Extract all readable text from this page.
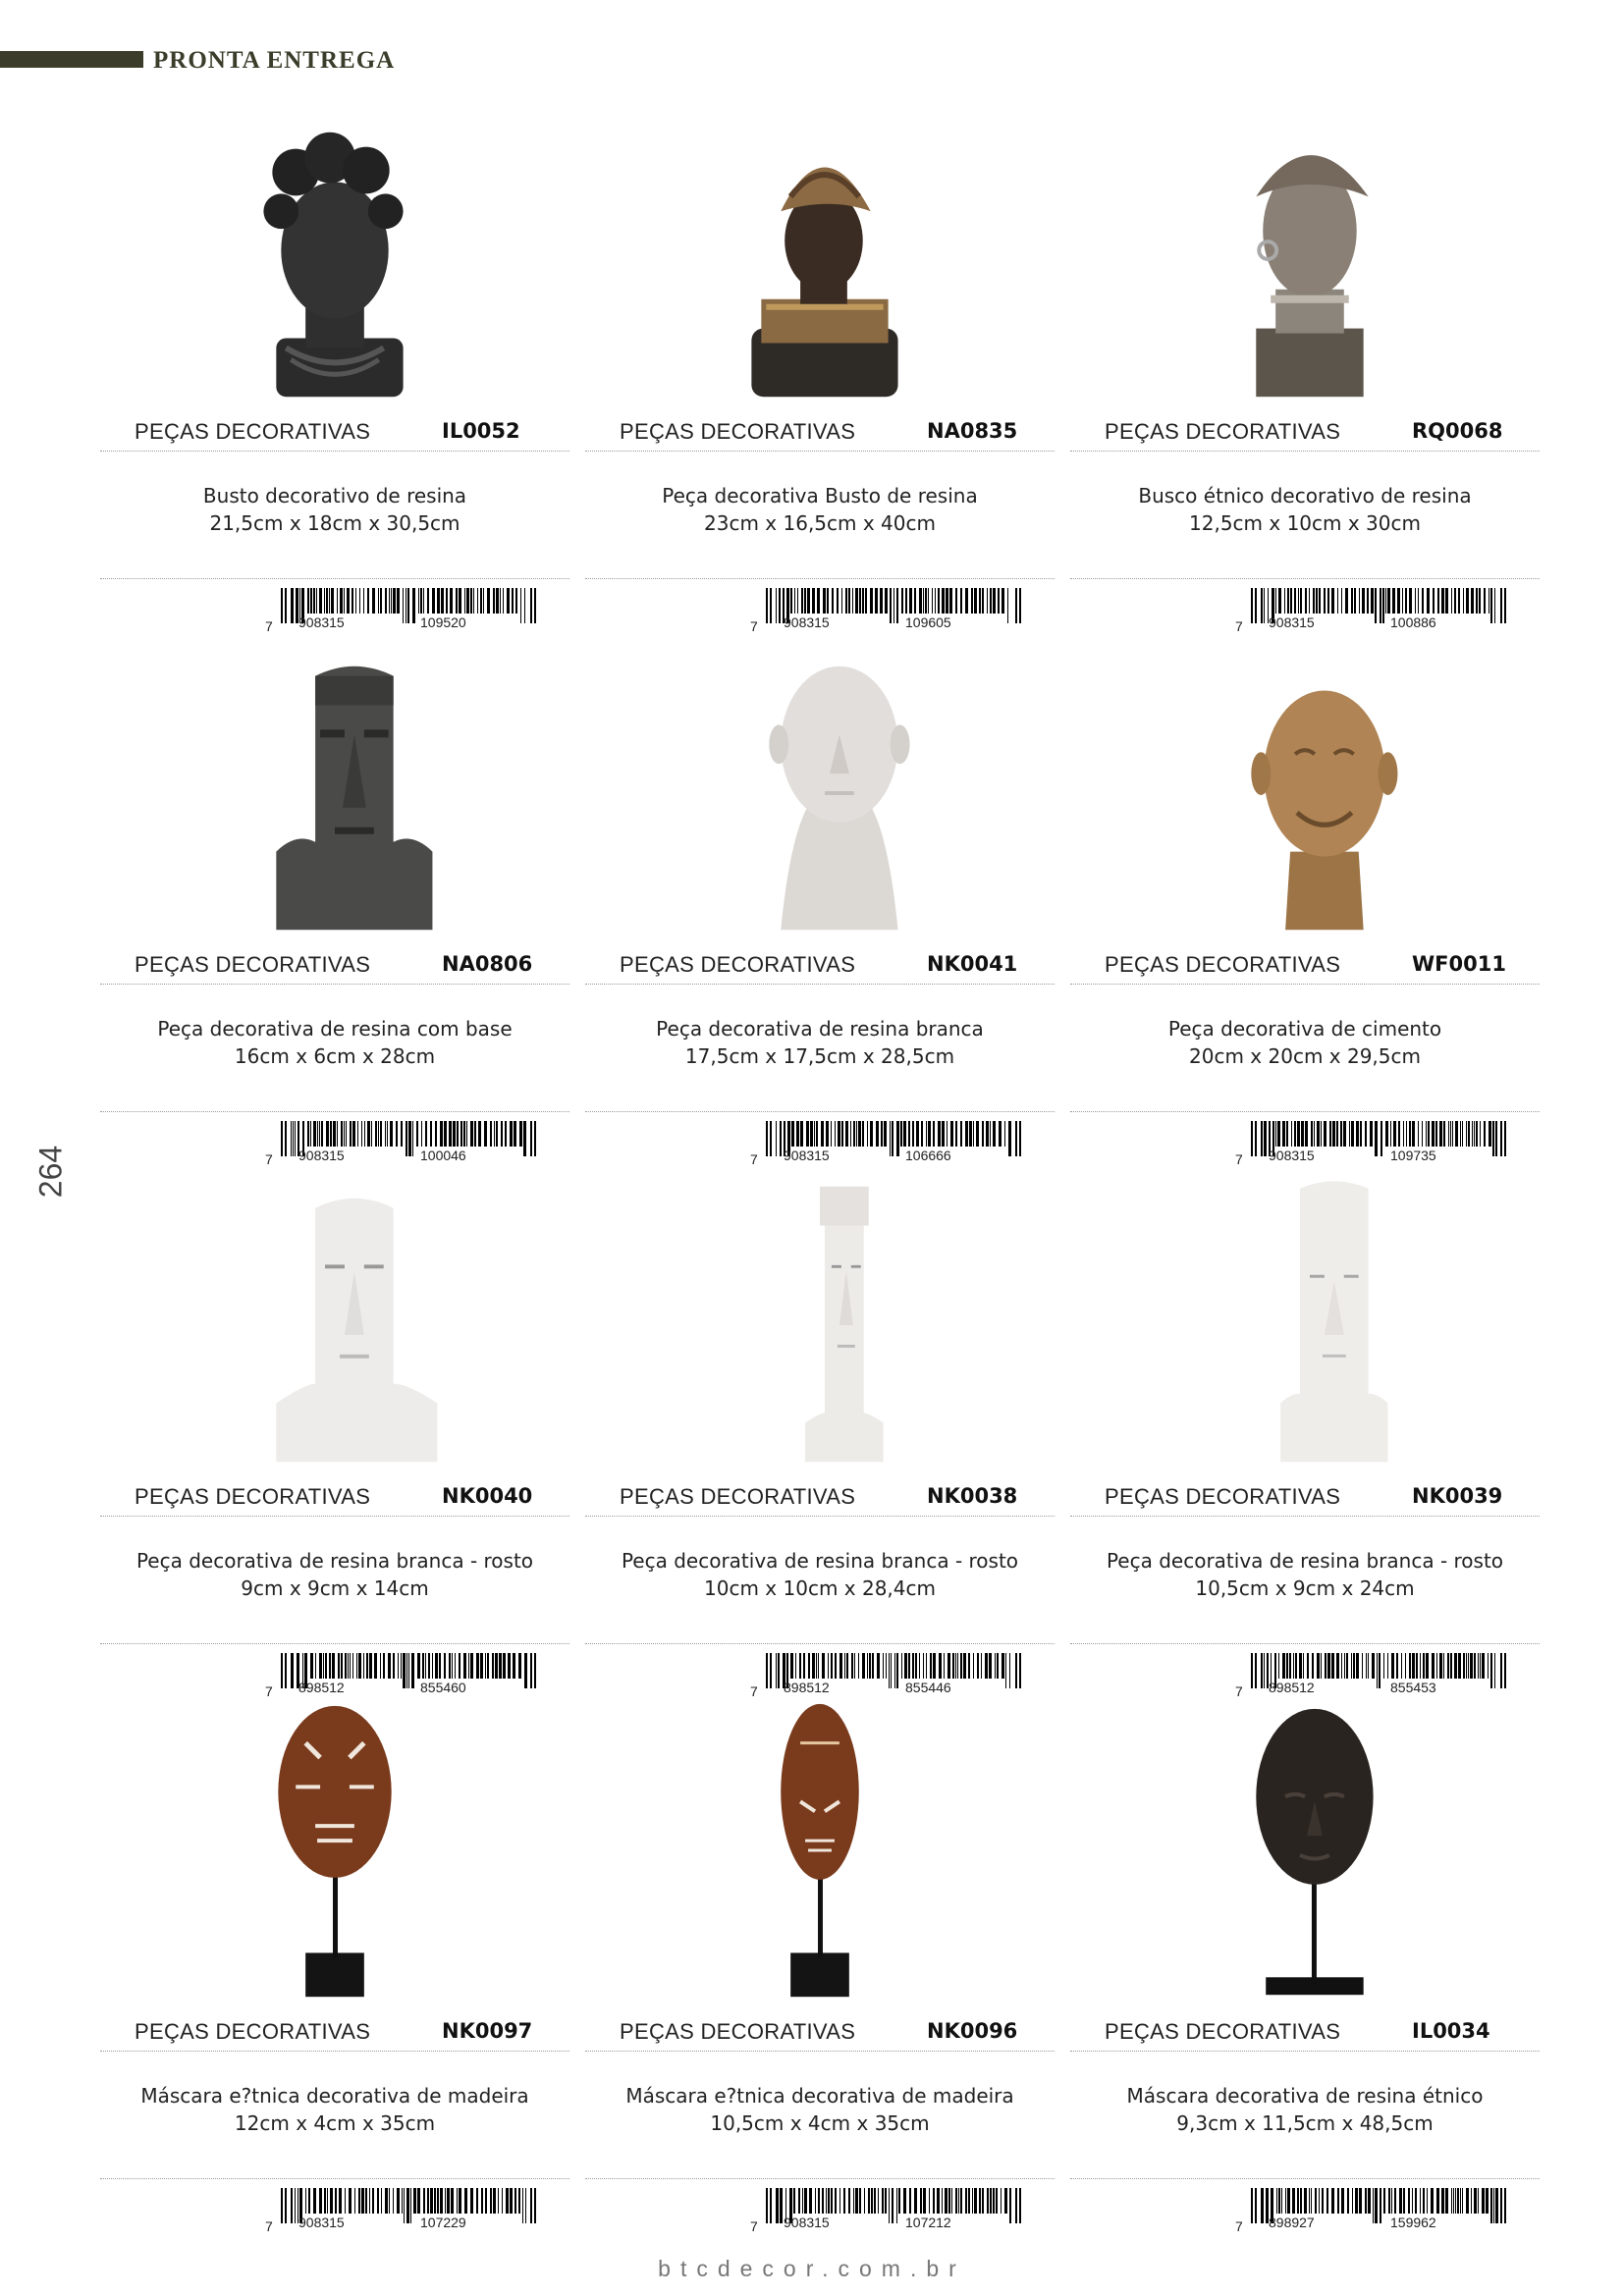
PRONTA ENTREGA
264
PEÇAS DECORATIVAS	IL0052
Busto decorativo de resina
21,5cm x 18cm x 30,5cm
7 908315	109520
PEÇAS DECORATIVAS	NA0835
Peça decorativa Busto de resina
23cm x 16,5cm x 40cm
7 908315	109605
PEÇAS DECORATIVAS	RQ0068
Busco étnico decorativo de resina
12,5cm x 10cm x 30cm
7 908315	100886
PEÇAS DECORATIVAS	NA0806
Peça decorativa de resina com base
16cm x 6cm x 28cm
7 908315	100046
PEÇAS DECORATIVAS	NK0041
Peça decorativa de resina branca
17,5cm x 17,5cm x 28,5cm
7 908315	106666
PEÇAS DECORATIVAS	WF0011
Peça decorativa de cimento
20cm x 20cm x 29,5cm
7 908315	109735
PEÇAS DECORATIVAS	NK0040
Peça decorativa de resina branca - rosto
9cm x 9cm x 14cm
7 898512	855460
PEÇAS DECORATIVAS	NK0038
Peça decorativa de resina branca - rosto
10cm x 10cm x 28,4cm
7 898512	855446
PEÇAS DECORATIVAS	NK0039
Peça decorativa de resina branca - rosto
10,5cm x 9cm x 24cm
7 898512	855453
PEÇAS DECORATIVAS	NK0097
Máscara e?tnica decorativa de madeira
12cm x 4cm x 35cm
7 908315	107229
PEÇAS DECORATIVAS	NK0096
Máscara e?tnica decorativa de madeira
10,5cm x 4cm x 35cm
7 908315	107212
PEÇAS DECORATIVAS	IL0034
Máscara decorativa de resina étnico
9,3cm x 11,5cm x 48,5cm
7 898927	159962
btcdecor.com.br
